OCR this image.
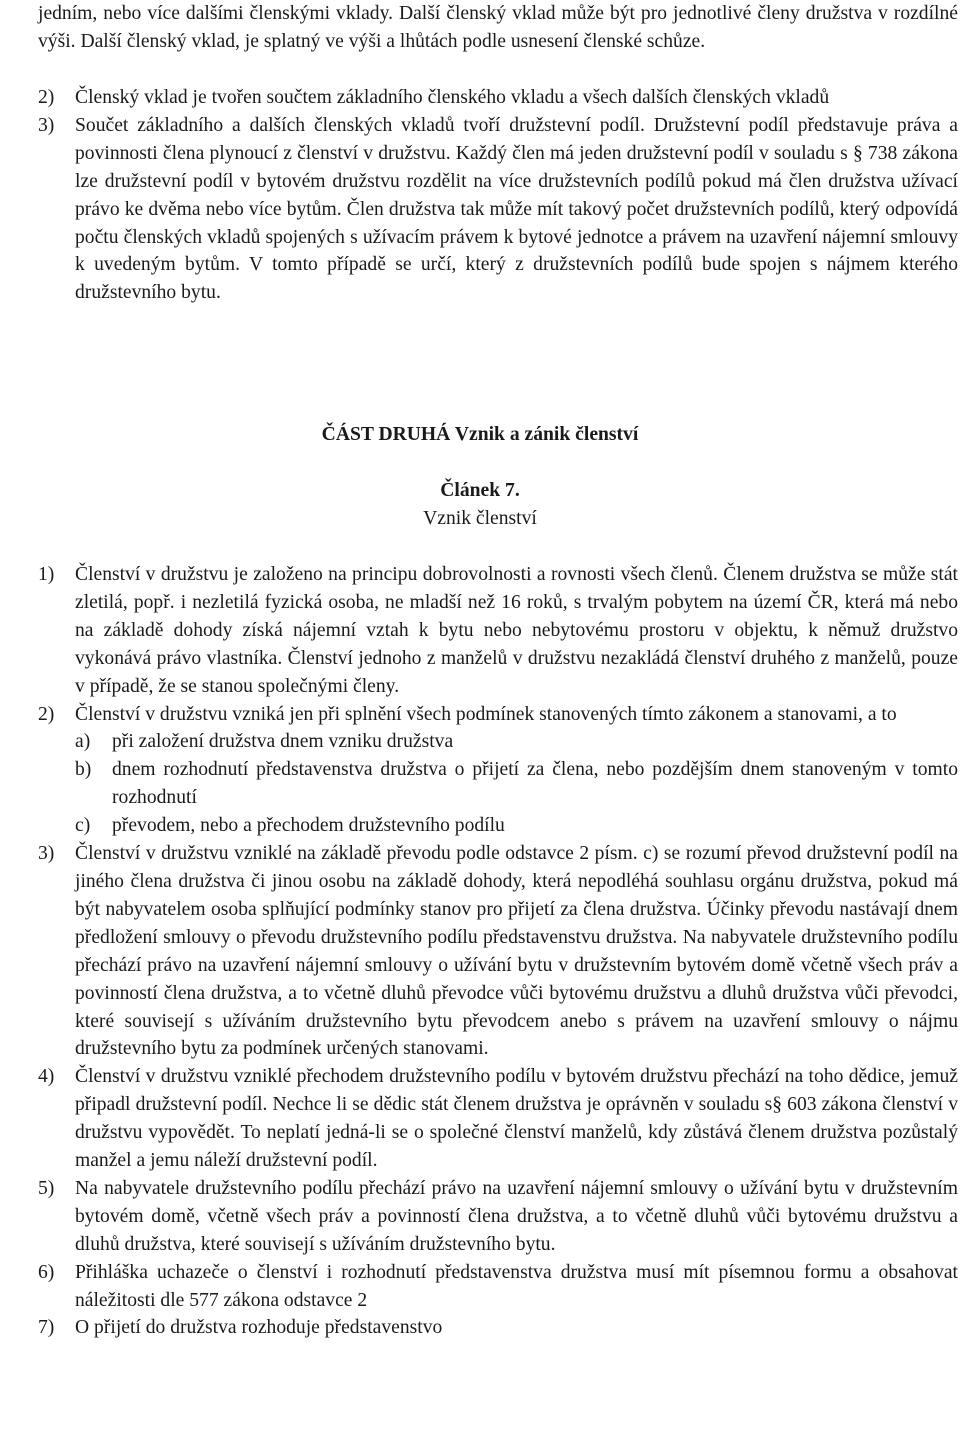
jedním, nebo více dalšími členskými vklady. Další členský vklad může být pro jednotlivé členy družstva v rozdílné výši. Další členský vklad, je splatný ve výši a lhůtách podle usnesení členské schůze.

2) Členský vklad je tvořen součtem základního členského vkladu a všech dalších členských vkladů
3) Součet základního a dalších členských vkladů tvoří družstevní podíl. Družstevní podíl představuje práva a povinnosti člena plynoucí z členství v družstvu. Každý člen má jeden družstevní podíl v souladu s § 738 zákona lze družstevní podíl v bytovém družstvu rozdělit na více družstevních podílů pokud má člen družstva užívací právo ke dvěma nebo více bytům. Člen družstva tak může mít takový počet družstevních podílů, který odpovídá počtu členských vkladů spojených s užívacím právem k bytové jednotce a právem na uzavření nájemní smlouvy k uvedeným bytům. V tomto případě se určí, který z družstevních podílů bude spojen s nájmem kterého družstevního bytu.
ČÁST DRUHÁ Vznik a zánik členství
Článek 7.
Vznik členství
1) Členství v družstvu je založeno na principu dobrovolnosti a rovnosti všech členů. Členem družstva se může stát zletilá, popř. i nezletilá fyzická osoba, ne mladší než 16 roků, s trvalým pobytem na území ČR, která má nebo na základě dohody získá nájemní vztah k bytu nebo nebytovému prostoru v objektu, k němuž družstvo vykonává právo vlastníka. Členství jednoho z manželů v družstvu nezakládá členství druhého z manželů, pouze v případě, že se stanou společnými členy.
2) Členství v družstvu vzniká jen při splnění všech podmínek stanovených tímto zákonem a stanovami, a to
a) při založení družstva dnem vzniku družstva
b) dnem rozhodnutí představenstva družstva o přijetí za člena, nebo pozdějším dnem stanoveným v tomto rozhodnutí
c) převodem, nebo a přechodem družstevního podílu
3) Členství v družstvu vzniklé na základě převodu podle odstavce 2 písm. c) se rozumí převod družstevní podíl na jiného člena družstva či jinou osobu na základě dohody, která nepodléhá souhlasu orgánu družstva, pokud má být nabyvatelem osoba splňující podmínky stanov pro přijetí za člena družstva. Účinky převodu nastávají dnem předložení smlouvy o převodu družstevního podílu představenstvu družstva. Na nabyvatele družstevního podílu přechází právo na uzavření nájemní smlouvy o užívání bytu v družstevním bytovém domě včetně všech práv a povinností člena družstva, a to včetně dluhů převodce vůči bytovému družstvu a dluhů družstva vůči převodci, které souvisejí s užíváním družstevního bytu převodcem anebo s právem na uzavření smlouvy o nájmu družstevního bytu za podmínek určených stanovami.
4) Členství v družstvu vzniklé přechodem družstevního podílu v bytovém družstvu přechází na toho dědice, jemuž připadl družstevní podíl. Nechce li se dědic stát členem družstva je oprávněn v souladu s§ 603 zákona členství v družstvu vypovědět. To neplatí jedná-li se o společné členství manželů, kdy zůstává členem družstva pozůstalý manžel a jemu náleží družstevní podíl.
5) Na nabyvatele družstevního podílu přechází právo na uzavření nájemní smlouvy o užívání bytu v družstevním bytovém domě, včetně všech práv a povinností člena družstva, a to včetně dluhů vůči bytovému družstvu a dluhů družstva, které souvisejí s užíváním družstevního bytu.
6) Přihláška uchazeče o členství i rozhodnutí představenstva družstva musí mít písemnou formu a obsahovat náležitosti dle 577 zákona odstavce 2
7) O přijetí do družstva rozhoduje představenstvo
